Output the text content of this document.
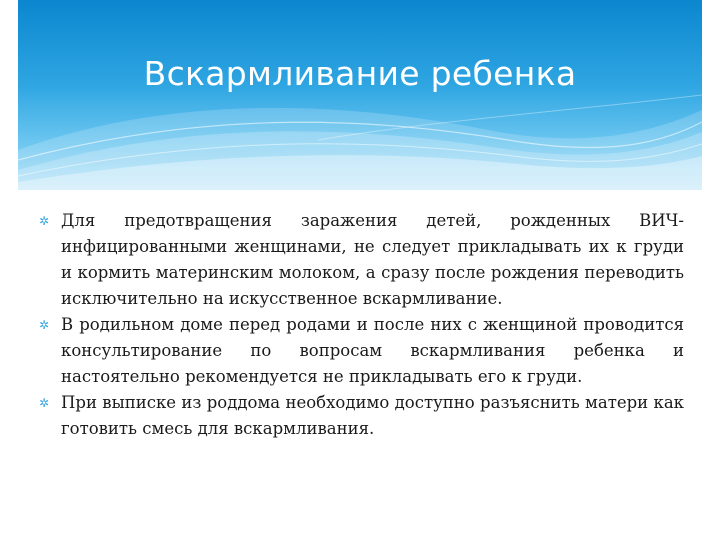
Вскармливание ребенка
✲ Для предотвращения заражения детей, рожденных ВИЧ-инфицированными женщинами, не следует прикладывать их к груди и кормить материнским молоком, а сразу после рождения переводить исключительно на искусственное вскармливание.
✲ В родильном доме перед родами и после них с женщиной проводится консультирование по вопросам вскармливания ребенка и настоятельно рекомендуется не прикладывать его к груди.
✲ При выписке из роддома необходимо доступно разъяснить матери как готовить смесь для вскармливания.
